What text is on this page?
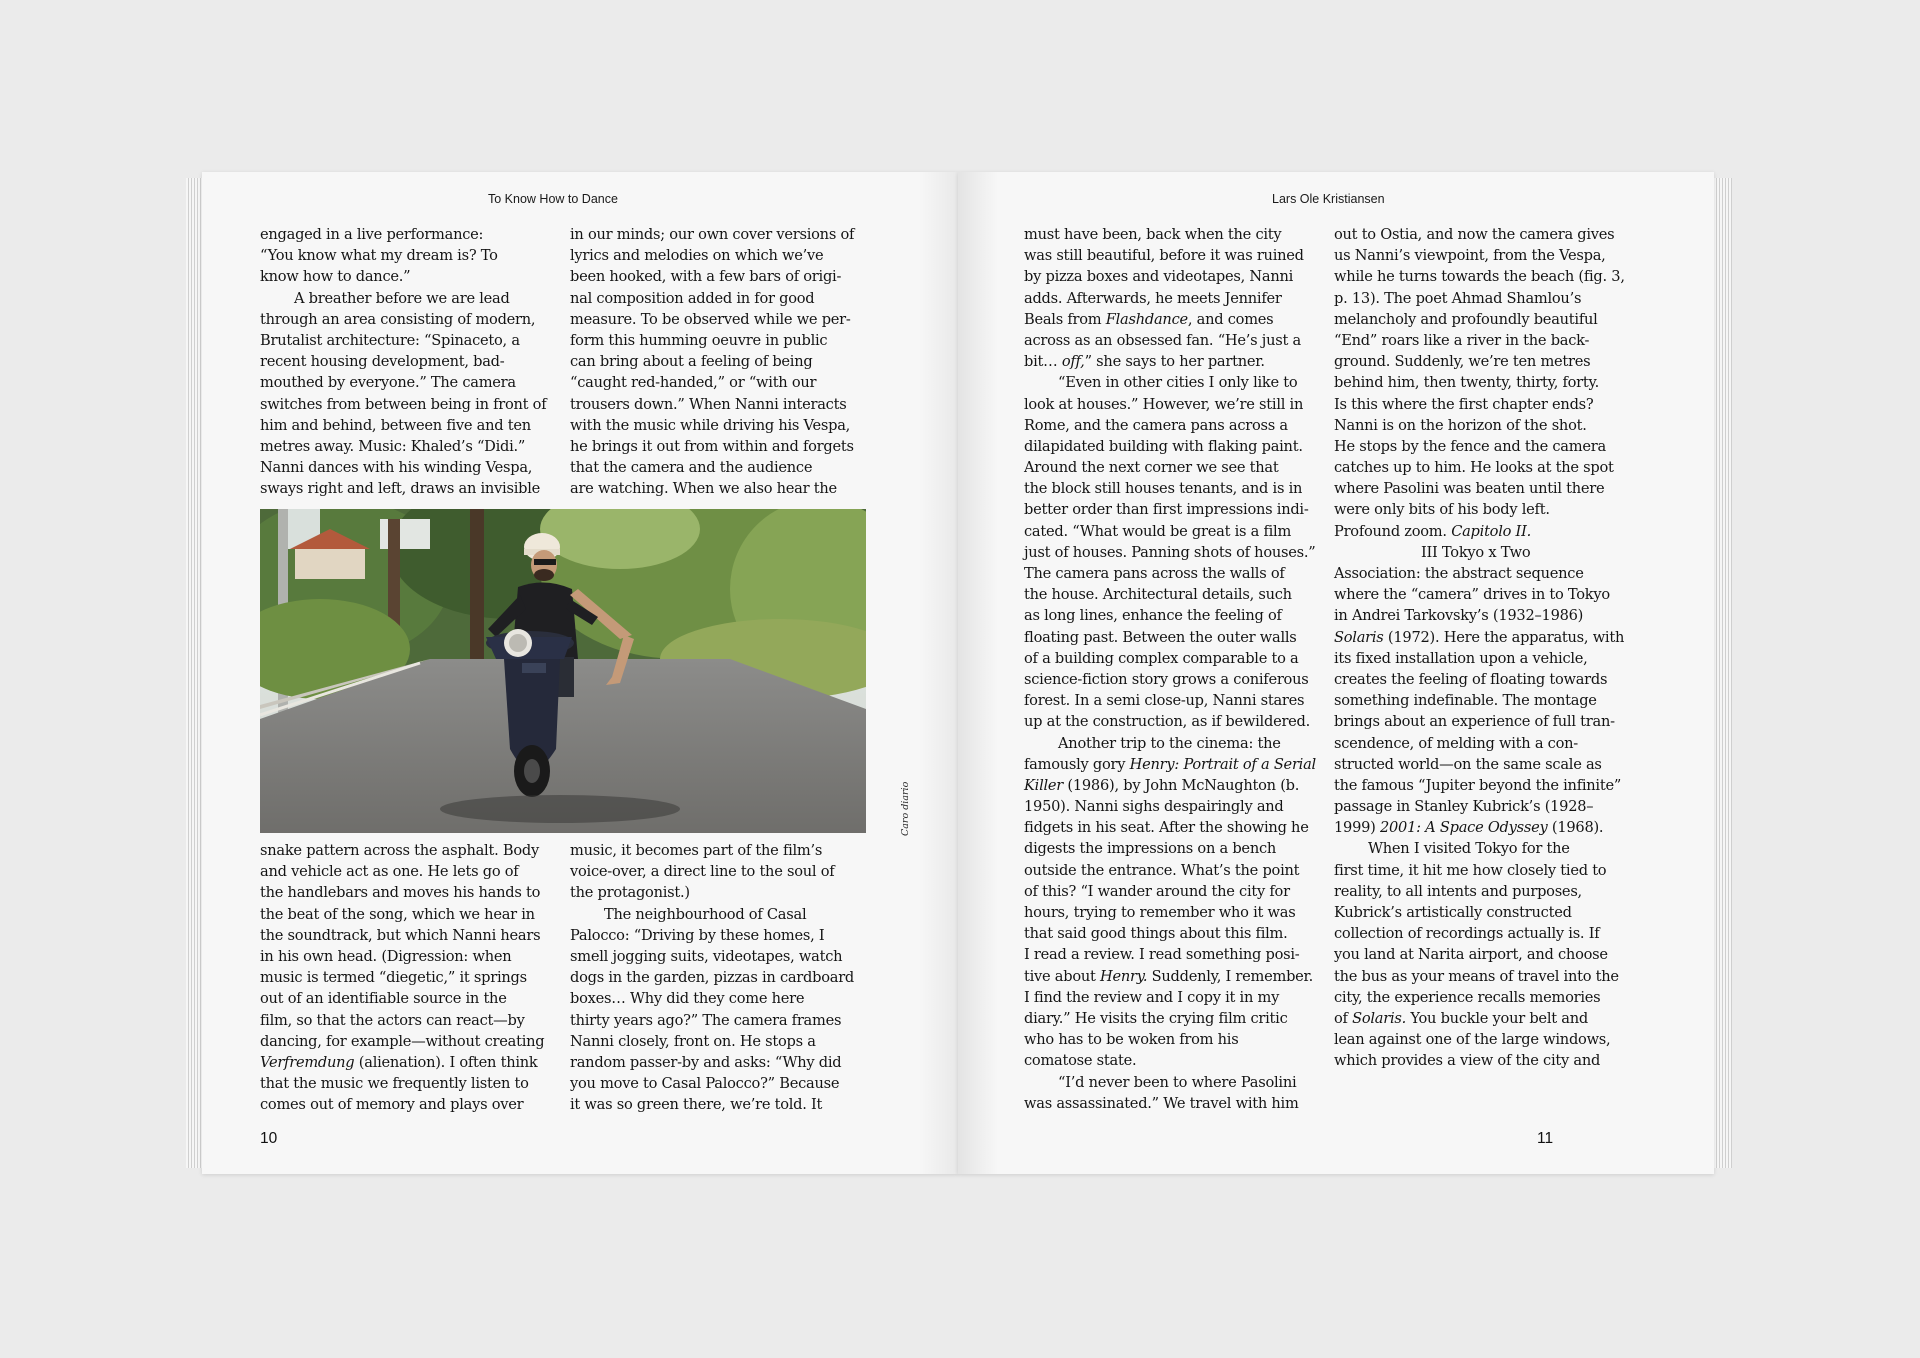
To Know How to Dance
engaged in a live performance:
“You know what my dream is? To
know how to dance.”
A breather before we are lead
through an area consisting of modern,
Brutalist architecture: “Spinaceto, a
recent housing development, bad-
mouthed by everyone.” The camera
switches from between being in front of
him and behind, between five and ten
metres away. Music: Khaled’s “Didi.”
Nanni dances with his winding Vespa,
sways right and left, draws an invisible
in our minds; our own cover versions of
lyrics and melodies on which we’ve
been hooked, with a few bars of origi-
nal composition added in for good
measure. To be observed while we per-
form this humming oeuvre in public
can bring about a feeling of being
“caught red-handed,” or “with our
trousers down.” When Nanni interacts
with the music while driving his Vespa,
he brings it out from within and forgets
that the camera and the audience
are watching. When we also hear the
Caro diario
snake pattern across the asphalt. Body
and vehicle act as one. He lets go of
the handlebars and moves his hands to
the beat of the song, which we hear in
the soundtrack, but which Nanni hears
in his own head. (Digression: when
music is termed “diegetic,” it springs
out of an identifiable source in the
film, so that the actors can react—by
dancing, for example—without creating
Verfremdung (alienation). I often think
that the music we frequently listen to
comes out of memory and plays over
music, it becomes part of the film’s
voice-over, a direct line to the soul of
the protagonist.)
The neighbourhood of Casal
Palocco: “Driving by these homes, I
smell jogging suits, videotapes, watch
dogs in the garden, pizzas in cardboard
boxes… Why did they come here
thirty years ago?” The camera frames
Nanni closely, front on. He stops a
random passer-by and asks: “Why did
you move to Casal Palocco?” Because
it was so green there, we’re told. It
10
Lars Ole Kristiansen
must have been, back when the city
was still beautiful, before it was ruined
by pizza boxes and videotapes, Nanni
adds. Afterwards, he meets Jennifer
Beals from Flashdance, and comes
across as an obsessed fan. “He’s just a
bit… off,” she says to her partner.
“Even in other cities I only like to
look at houses.” However, we’re still in
Rome, and the camera pans across a
dilapidated building with flaking paint.
Around the next corner we see that
the block still houses tenants, and is in
better order than first impressions indi-
cated. “What would be great is a film
just of houses. Panning shots of houses.”
The camera pans across the walls of
the house. Architectural details, such
as long lines, enhance the feeling of
floating past. Between the outer walls
of a building complex comparable to a
science-fiction story grows a coniferous
forest. In a semi close-up, Nanni stares
up at the construction, as if bewildered.
Another trip to the cinema: the
famously gory Henry: Portrait of a Serial
Killer (1986), by John McNaughton (b.
1950). Nanni sighs despairingly and
fidgets in his seat. After the showing he
digests the impressions on a bench
outside the entrance. What’s the point
of this? “I wander around the city for
hours, trying to remember who it was
that said good things about this film.
I read a review. I read something posi-
tive about Henry. Suddenly, I remember.
I find the review and I copy it in my
diary.” He visits the crying film critic
who has to be woken from his
comatose state.
“I’d never been to where Pasolini
was assassinated.” We travel with him
out to Ostia, and now the camera gives
us Nanni’s viewpoint, from the Vespa,
while he turns towards the beach (fig. 3,
p. 13). The poet Ahmad Shamlou’s
melancholy and profoundly beautiful
“End” roars like a river in the back-
ground. Suddenly, we’re ten metres
behind him, then twenty, thirty, forty.
Is this where the first chapter ends?
Nanni is on the horizon of the shot.
He stops by the fence and the camera
catches up to him. He looks at the spot
where Pasolini was beaten until there
were only bits of his body left.
Profound zoom. Capitolo II.
III Tokyo x Two
Association: the abstract sequence
where the “camera” drives in to Tokyo
in Andrei Tarkovsky’s (1932–1986)
Solaris (1972). Here the apparatus, with
its fixed installation upon a vehicle,
creates the feeling of floating towards
something indefinable. The montage
brings about an experience of full tran-
scendence, of melding with a con-
structed world—on the same scale as
the famous “Jupiter beyond the infinite”
passage in Stanley Kubrick’s (1928–
1999) 2001: A Space Odyssey (1968).
When I visited Tokyo for the
first time, it hit me how closely tied to
reality, to all intents and purposes,
Kubrick’s artistically constructed
collection of recordings actually is. If
you land at Narita airport, and choose
the bus as your means of travel into the
city, the experience recalls memories
of Solaris. You buckle your belt and
lean against one of the large windows,
which provides a view of the city and
11
